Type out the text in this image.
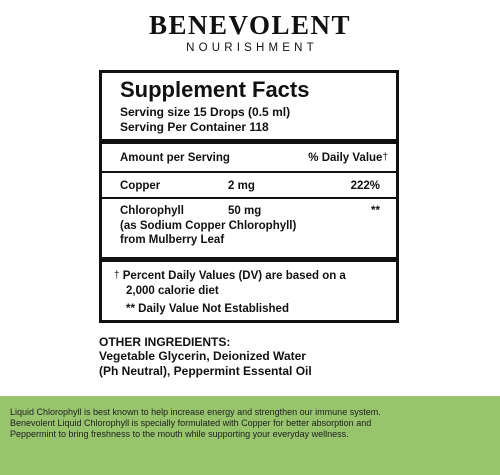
BENEVOLENT
NOURISHMENT
Supplement Facts
Serving size 15 Drops (0.5 ml)
Serving Per Container 118
Amount per Serving	% Daily Value†
Copper	2 mg	222%
Chlorophyll	50 mg	**
(as Sodium Copper Chlorophyll)
from Mulberry Leaf
† Percent Daily Values (DV) are based on a
2,000 calorie diet
** Daily Value Not Established
OTHER INGREDIENTS:
Vegetable Glycerin, Deionized Water
(Ph Neutral), Peppermint Essental Oil
Liquid Chlorophyll is best known to help increase energy and strengthen our immune system.
Benevolent Liquid Chlorophyll is specially formulated with Copper for better absorption and
Peppermint to bring freshness to the mouth while supporting your everyday wellness.
